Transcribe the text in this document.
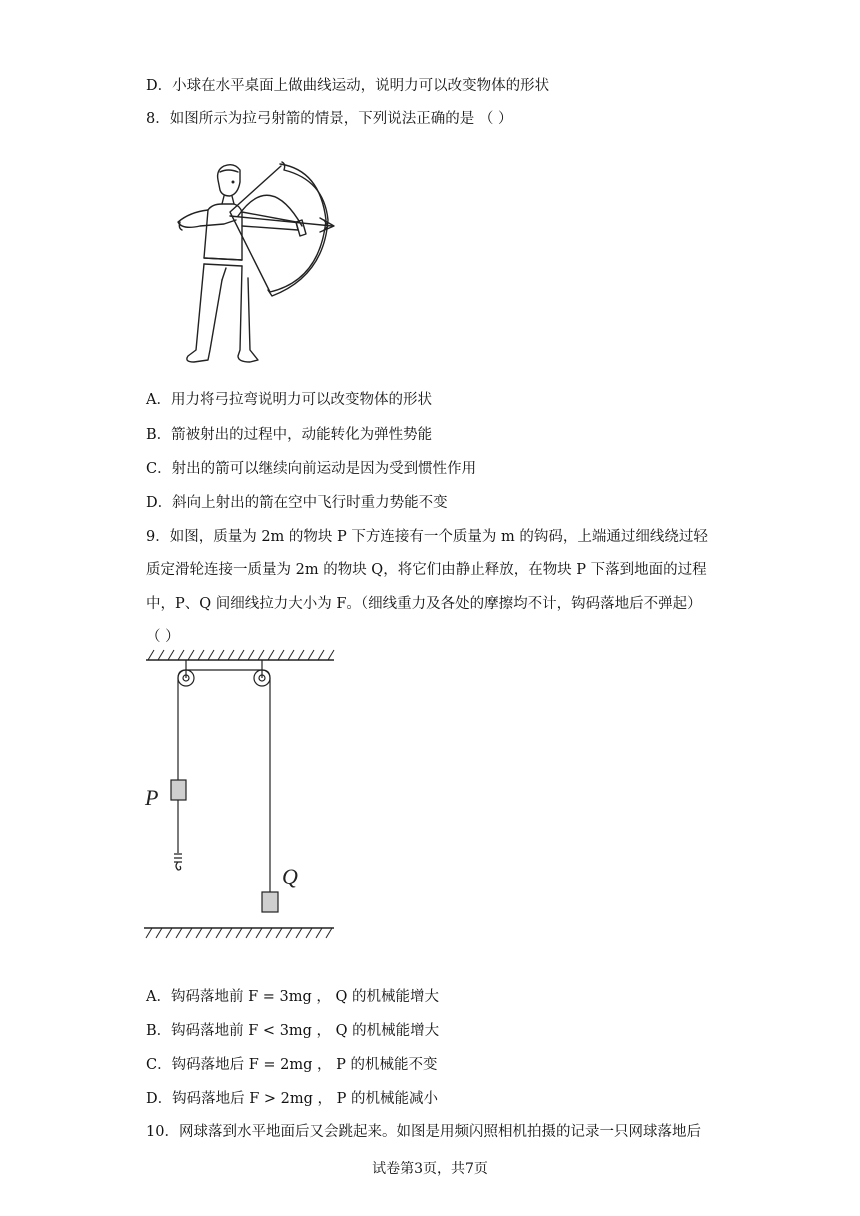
D．小球在水平桌面上做曲线运动，说明力可以改变物体的形状
8．如图所示为拉弓射箭的情景，下列说法正确的是 （ ）
A．用力将弓拉弯说明力可以改变物体的形状
B．箭被射出的过程中，动能转化为弹性势能
C．射出的箭可以继续向前运动是因为受到惯性作用
D．斜向上射出的箭在空中飞行时重力势能不变
9．如图，质量为 2m 的物块 P 下方连接有一个质量为 m 的钩码，上端通过细线绕过轻
质定滑轮连接一质量为 2m 的物块 Q，将它们由静止释放，在物块 P 下落到地面的过程
中，P、Q 间细线拉力大小为 F。（细线重力及各处的摩擦均不计，钩码落地后不弹起）
（ ）
P
Q
A．钩码落地前 F = 3mg ， Q 的机械能增大
B．钩码落地前 F < 3mg ， Q 的机械能增大
C．钩码落地后 F = 2mg ， P 的机械能不变
D．钩码落地后 F > 2mg ， P 的机械能减小
10．网球落到水平地面后又会跳起来。如图是用频闪照相机拍摄的记录一只网球落地后
试卷第3页，共7页
